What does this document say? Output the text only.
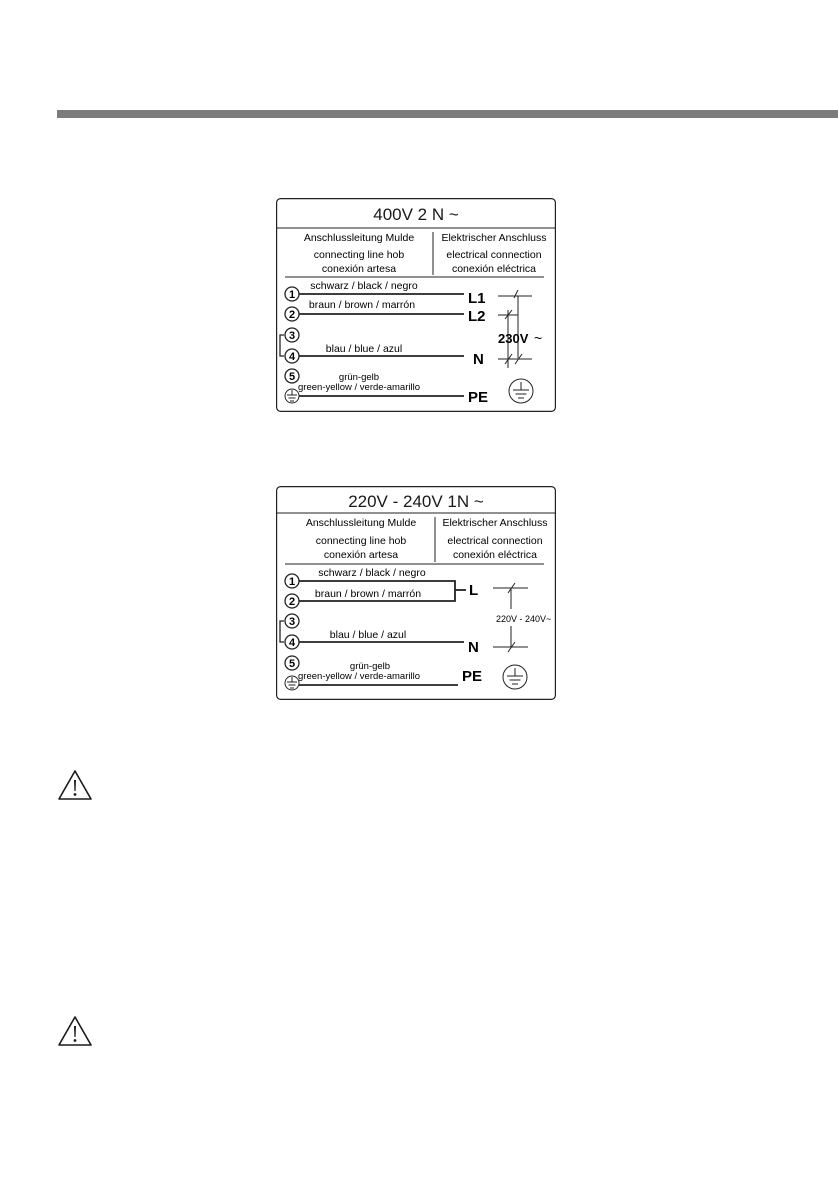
400V 2 N ~
Anschlussleitung Mulde	Elektrischer Anschluss
connecting line hob
conexión artesa
electrical connection
conexión eléctrica
1
2
3
4
5
schwarz / black / negro
braun / brown / marrón
blau / blue / azul
grün-gelb
green-yellow / verde-amarillo
L1
L2
N
PE
230V ~
220V - 240V 1N ~
Anschlussleitung Mulde	Elektrischer Anschluss
connecting line hob
conexión artesa
electrical connection
conexión eléctrica
1
2
3
4
5
schwarz / black / negro
braun / brown / marrón
blau / blue / azul
grün-gelb
green-yellow / verde-amarillo
L
N
PE
220V - 240V~
